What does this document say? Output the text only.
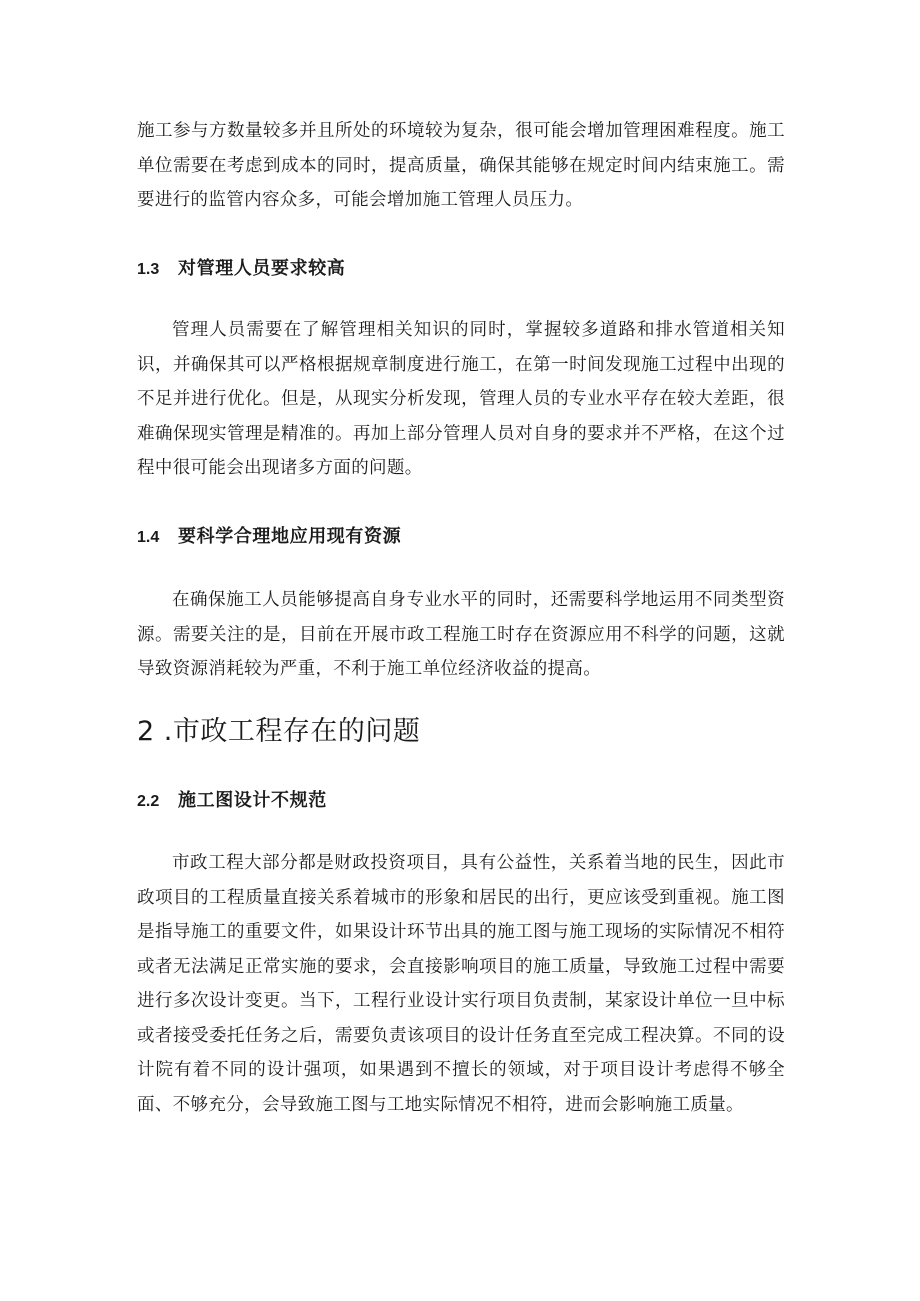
施工参与方数量较多并且所处的环境较为复杂，很可能会增加管理困难程度。施工单位需要在考虑到成本的同时，提高质量，确保其能够在规定时间内结束施工。需要进行的监管内容众多，可能会增加施工管理人员压力。

1.3 对管理人员要求较高

管理人员需要在了解管理相关知识的同时，掌握较多道路和排水管道相关知识，并确保其可以严格根据规章制度进行施工，在第一时间发现施工过程中出现的不足并进行优化。但是，从现实分析发现，管理人员的专业水平存在较大差距，很难确保现实管理是精准的。再加上部分管理人员对自身的要求并不严格，在这个过程中很可能会出现诸多方面的问题。

1.4 要科学合理地应用现有资源

在确保施工人员能够提高自身专业水平的同时，还需要科学地运用不同类型资源。需要关注的是，目前在开展市政工程施工时存在资源应用不科学的问题，这就导致资源消耗较为严重，不利于施工单位经济收益的提高。

2 .市政工程存在的问题
2.2 施工图设计不规范

市政工程大部分都是财政投资项目，具有公益性，关系着当地的民生，因此市政项目的工程质量直接关系着城市的形象和居民的出行，更应该受到重视。施工图是指导施工的重要文件，如果设计环节出具的施工图与施工现场的实际情况不相符或者无法满足正常实施的要求，会直接影响项目的施工质量，导致施工过程中需要进行多次设计变更。当下，工程行业设计实行项目负责制，某家设计单位一旦中标或者接受委托任务之后，需要负责该项目的设计任务直至完成工程决算。不同的设计院有着不同的设计强项，如果遇到不擅长的领域，对于项目设计考虑得不够全面、不够充分，会导致施工图与工地实际情况不相符，进而会影响施工质量。
